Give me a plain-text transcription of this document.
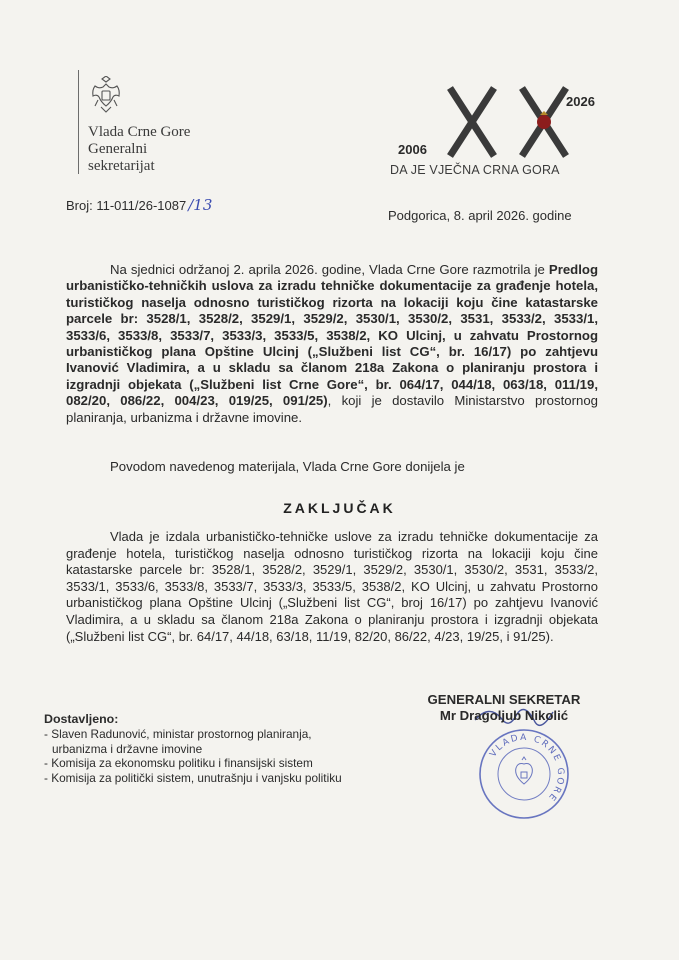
Vlada Crne Gore
Generalni
sekretarijat
2026
2006
DA JE VJEČNA CRNA GORA
Broj: 11-011/26-1087 /13
Podgorica, 8. april 2026. godine
Na sjednici održanoj 2. aprila 2026. godine, Vlada Crne Gore razmotrila je Predlog urbanističko-tehničkih uslova za izradu tehničke dokumentacije za građenje hotela, turističkog naselja odnosno turističkog rizorta na lokaciji koju čine katastarske parcele br: 3528/1, 3528/2, 3529/1, 3529/2, 3530/1, 3530/2, 3531, 3533/2, 3533/1, 3533/6, 3533/8, 3533/7, 3533/3, 3533/5, 3538/2, KO Ulcinj, u zahvatu Prostornog urbanističkog plana Opštine Ulcinj („Službeni list CG“, br. 16/17) po zahtjevu Ivanović Vladimira, a u skladu sa članom 218a Zakona o planiranju prostora i izgradnji objekata („Službeni list Crne Gore“, br. 064/17, 044/18, 063/18, 011/19, 082/20, 086/22, 004/23, 019/25, 091/25), koji je dostavilo Ministarstvo prostornog planiranja, urbanizma i državne imovine.
Povodom navedenog materijala, Vlada Crne Gore donijela je
ZAKLJUČAK
Vlada je izdala urbanističko-tehničke uslove za izradu tehničke dokumentacije za građenje hotela, turističkog naselja odnosno turističkog rizorta na lokaciji koju čine katastarske parcele br: 3528/1, 3528/2, 3529/1, 3529/2, 3530/1, 3530/2, 3531, 3533/2, 3533/1, 3533/6, 3533/8, 3533/7, 3533/3, 3533/5, 3538/2, KO Ulcinj, u zahvatu Prostorno urbanističkog plana Opštine Ulcinj („Službeni list CG“, broj 16/17) po zahtjevu Ivanović Vladimira, a u skladu sa članom 218a Zakona o planiranju prostora i izgradnji objekata („Službeni list CG“, br. 64/17, 44/18, 63/18, 11/19, 82/20, 86/22, 4/23, 19/25, i 91/25).
GENERALNI SEKRETAR
Mr Dragoljub Nikolić
VLADA CRNE GORE
Dostavljeno:
- Slaven Radunović, ministar prostornog planiranja,
urbanizma i državne imovine
- Komisija za ekonomsku politiku i finansijski sistem
- Komisija za politički sistem, unutrašnju i vanjsku politiku
